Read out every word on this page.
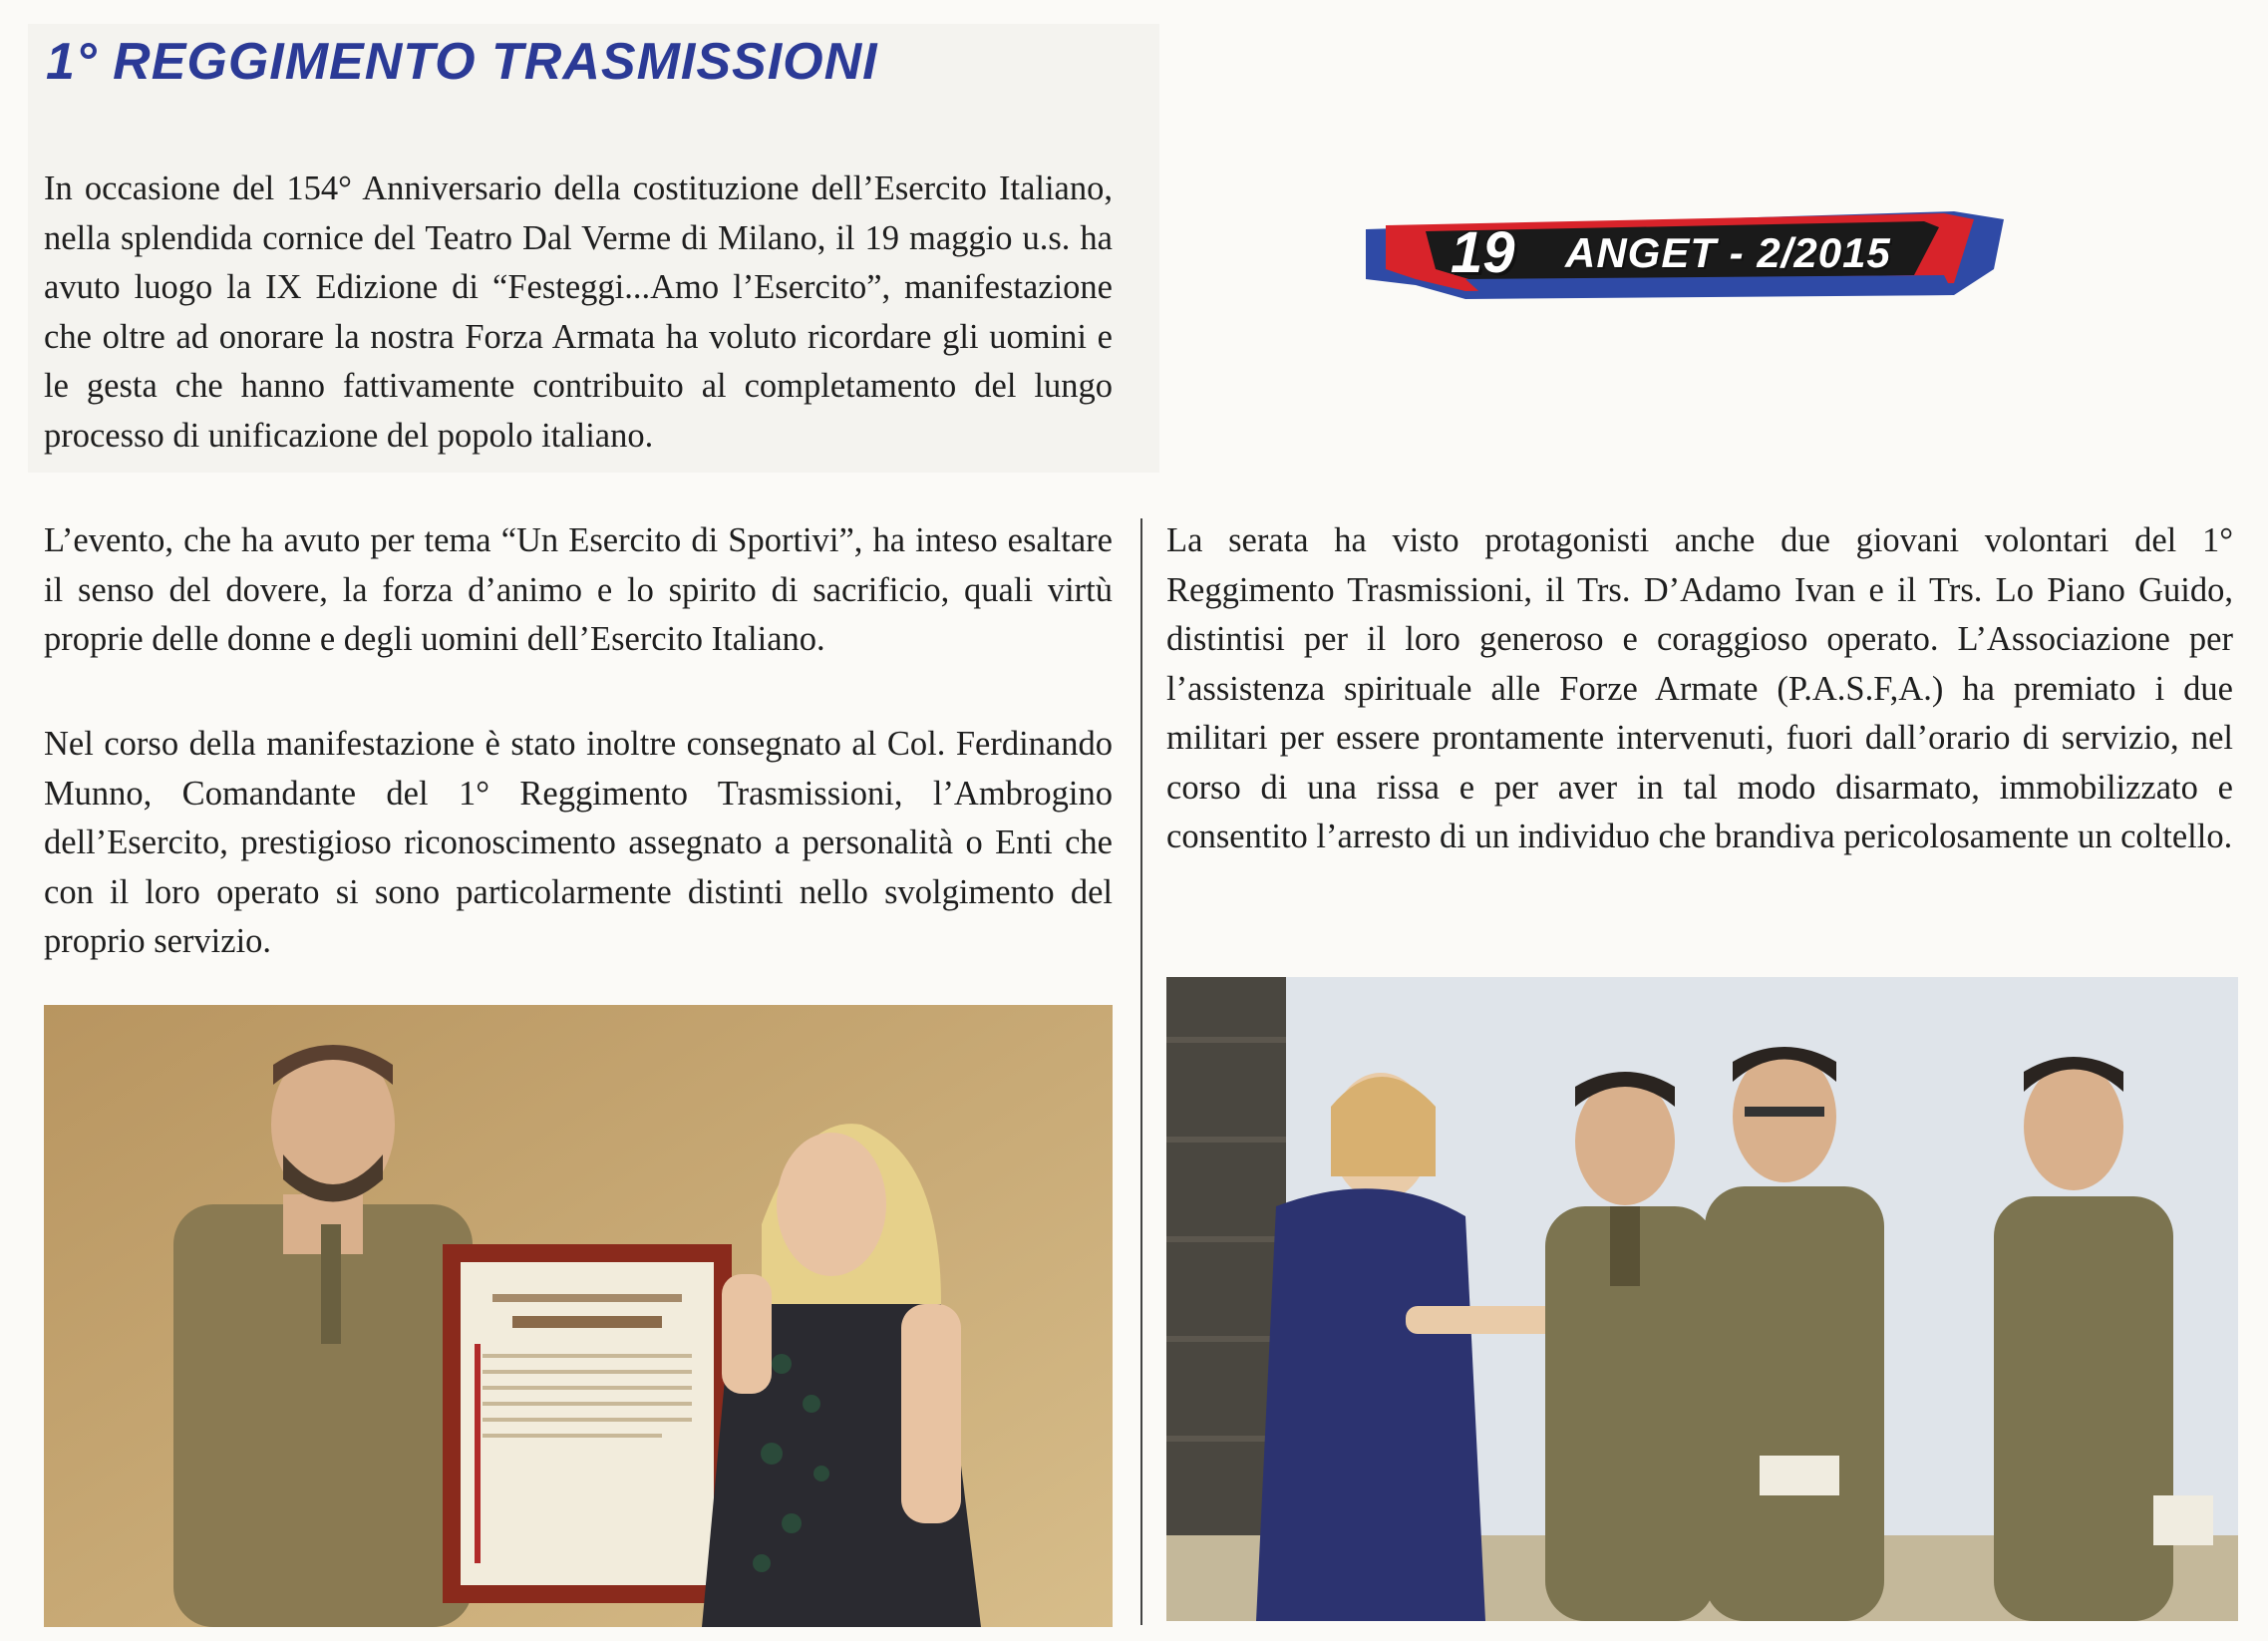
1° REGGIMENTO TRASMISSIONI

In occasione del 154° Anniversario della costituzione dell’Esercito Italiano, nella splendida cornice del Teatro Dal Verme di Milano, il 19 maggio u.s. ha avuto luogo la IX Edizione di “Festeggi...Amo l’Esercito”, manifestazione che oltre ad onorare la nostra Forza Armata ha voluto ricordare gli uomini e le gesta che hanno fattivamente contribuito al completamento del lungo processo di unificazione del popolo italiano.

L’evento, che ha avuto per tema “Un Esercito di Sportivi”, ha inteso esaltare il senso del dovere, la forza d’animo e lo spirito di sacrificio, quali virtù proprie delle donne e degli uomini dell’Esercito Italiano.

Nel corso della manifestazione è stato inoltre consegnato al Col. Ferdinando Munno, Comandante del 1° Reggimento Trasmissioni, l’Ambrogino dell’Esercito, prestigioso riconoscimento assegnato a personalità o Enti che con il loro operato si sono particolarmente distinti nello svolgimento del proprio servizio.

La serata ha visto protagonisti anche due giovani volontari del 1° Reggimento Trasmissioni, il Trs. D’Adamo Ivan e il Trs. Lo Piano Guido, distintisi per il loro generoso e coraggioso operato. L’Associazione per l’assistenza spirituale alle Forze Armate (P.A.S.F,A.) ha premiato i due militari per essere prontamente intervenuti, fuori dall’orario di servizio, nel corso di una rissa e per aver in tal modo disarmato, immobilizzato e consentito l’arresto di un individuo che brandiva pericolosamente un coltello.

19 ANGET - 2/2015
